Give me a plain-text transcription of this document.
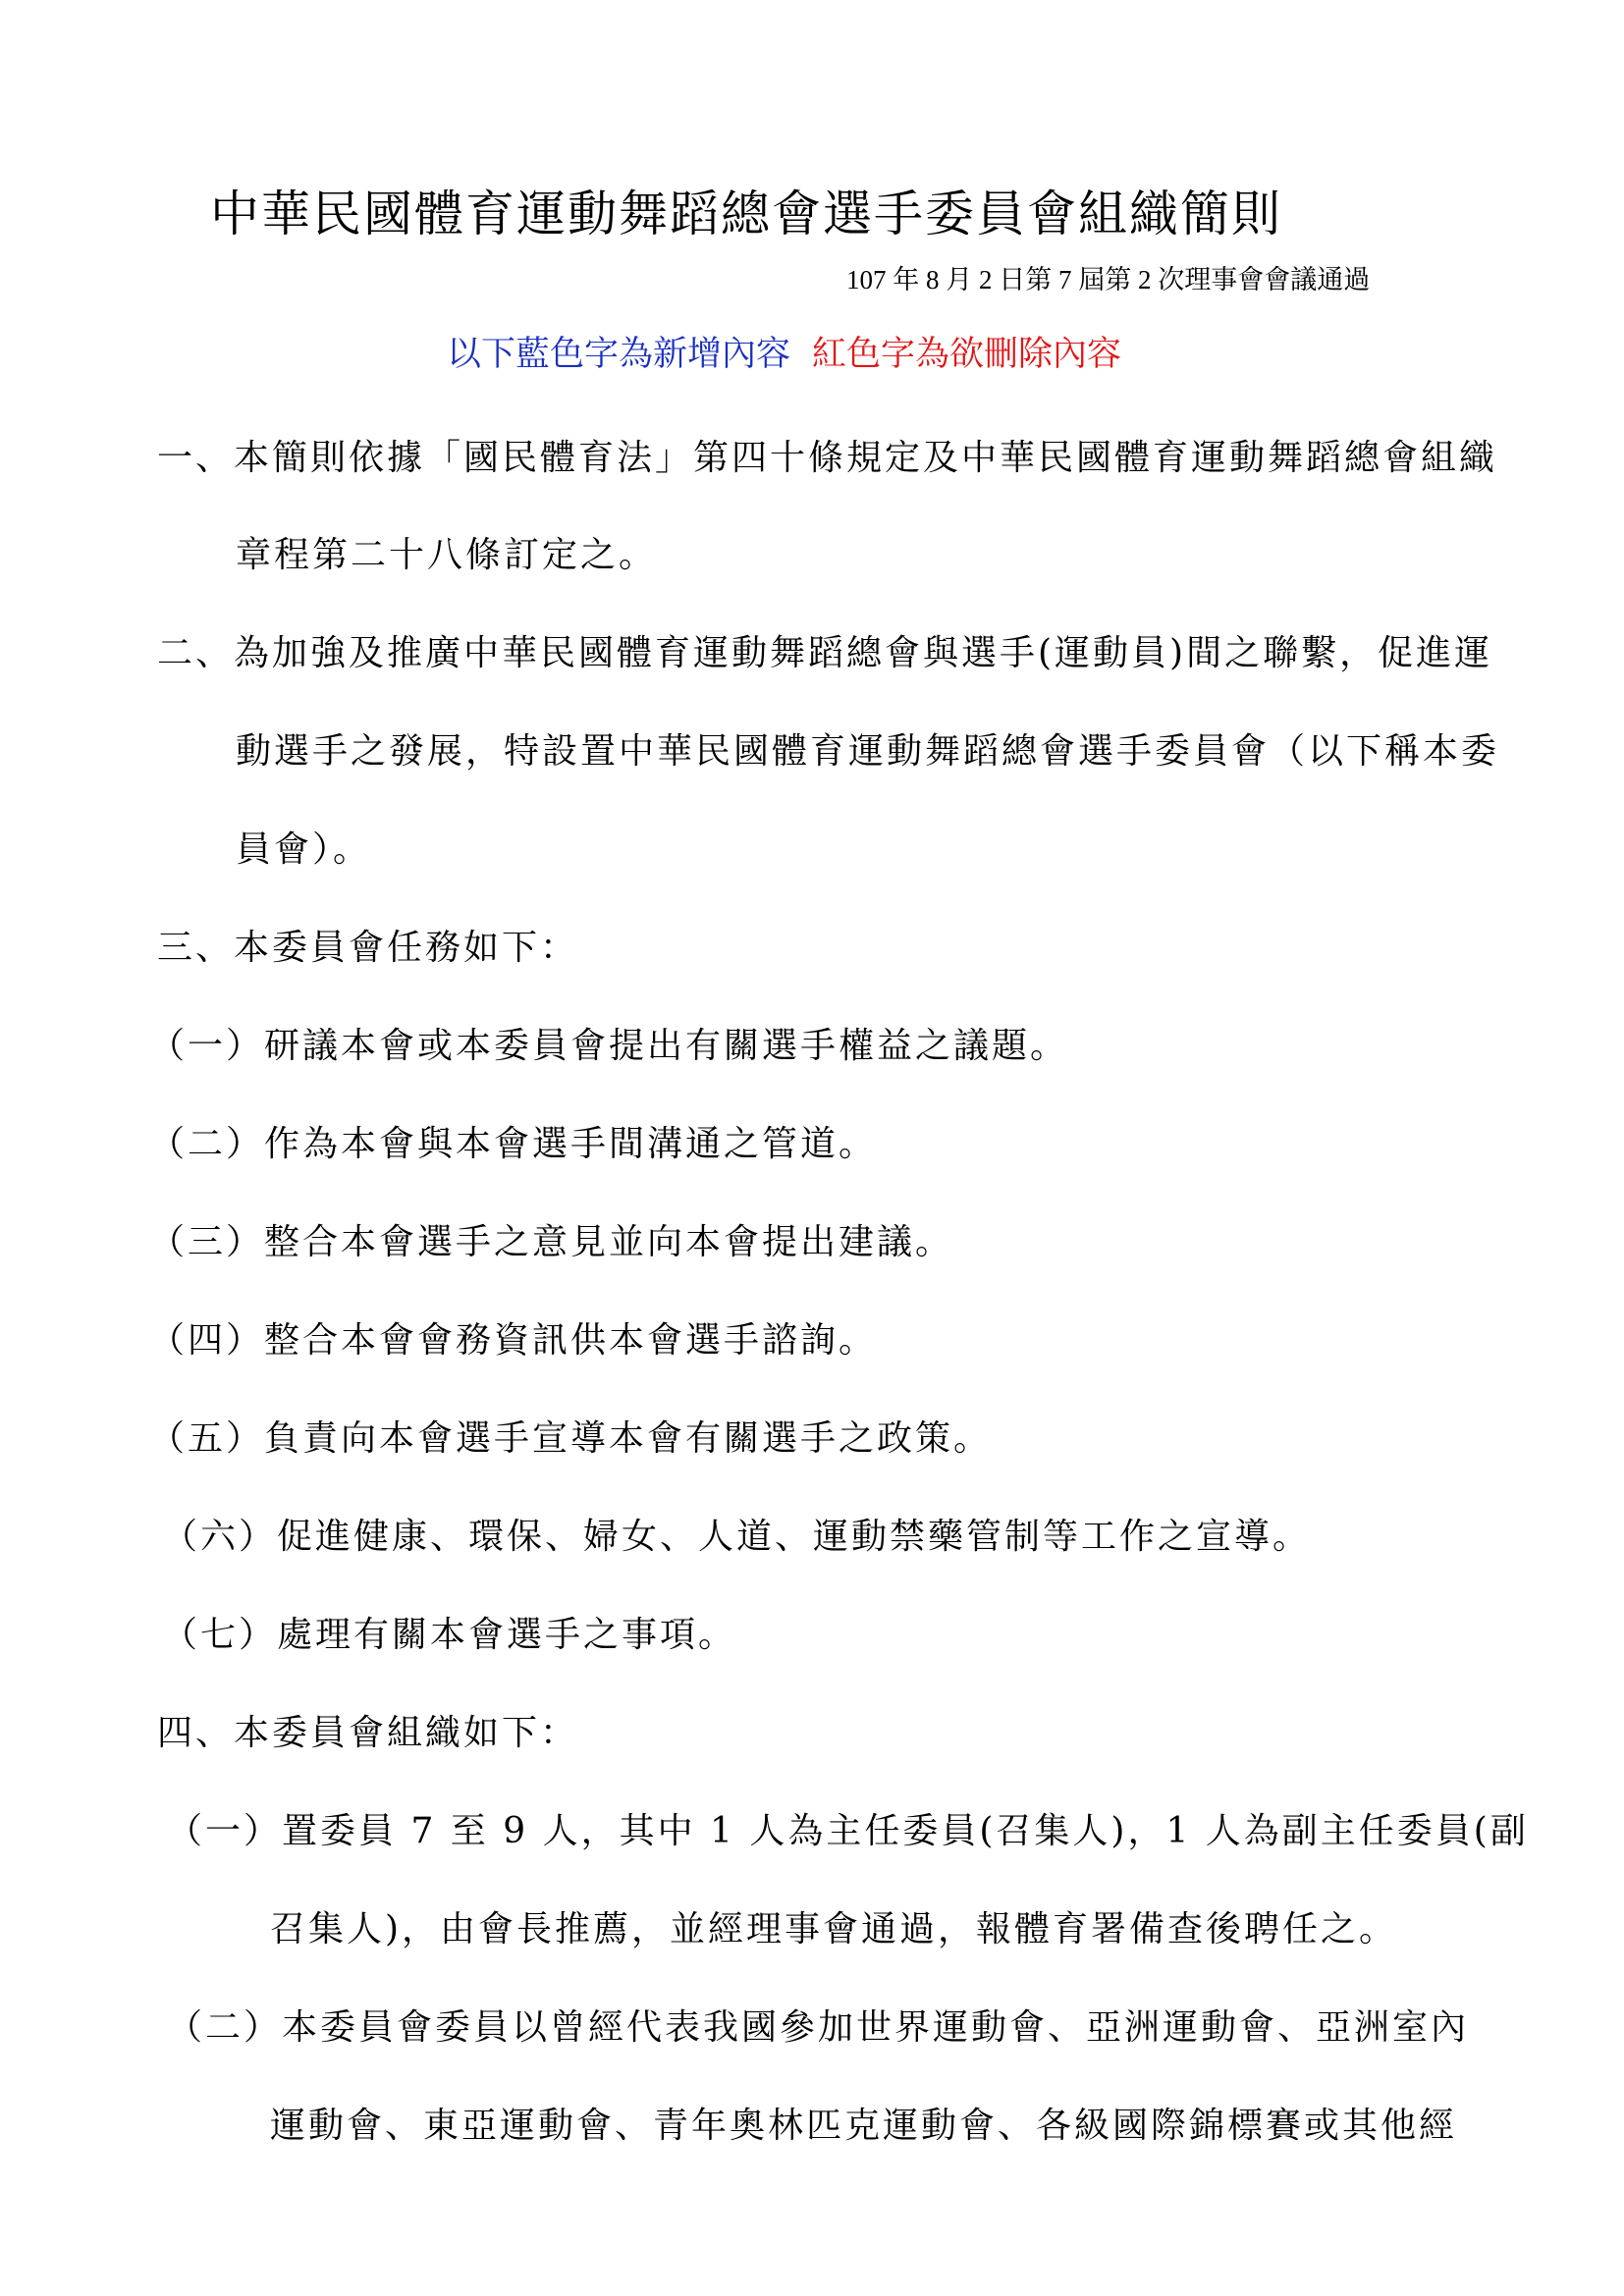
中華民國體育運動舞蹈總會選手委員會組織簡則
107 年 8 月 2 日第 7 屆第 2 次理事會會議通過
以下藍色字為新增內容 紅色字為欲刪除內容
一、本簡則依據「國民體育法」第四十條規定及中華民國體育運動舞蹈總會組織
章程第二十八條訂定之。
二、為加強及推廣中華民國體育運動舞蹈總會與選手(運動員)間之聯繫，促進運
動選手之發展，特設置中華民國體育運動舞蹈總會選手委員會（以下稱本委
員會）。
三、本委員會任務如下：
（一）研議本會或本委員會提出有關選手權益之議題。
（二）作為本會與本會選手間溝通之管道。
（三）整合本會選手之意見並向本會提出建議。
（四）整合本會會務資訊供本會選手諮詢。
（五）負責向本會選手宣導本會有關選手之政策。
（六）促進健康、環保、婦女、人道、運動禁藥管制等工作之宣導。
（七）處理有關本會選手之事項。
四、本委員會組織如下：
（一）置委員 7 至 9 人，其中 1 人為主任委員(召集人)，1 人為副主任委員(副
召集人)，由會長推薦，並經理事會通過，報體育署備查後聘任之。
（二）本委員會委員以曾經代表我國參加世界運動會、亞洲運動會、亞洲室內
運動會、東亞運動會、青年奧林匹克運動會、各級國際錦標賽或其他經
